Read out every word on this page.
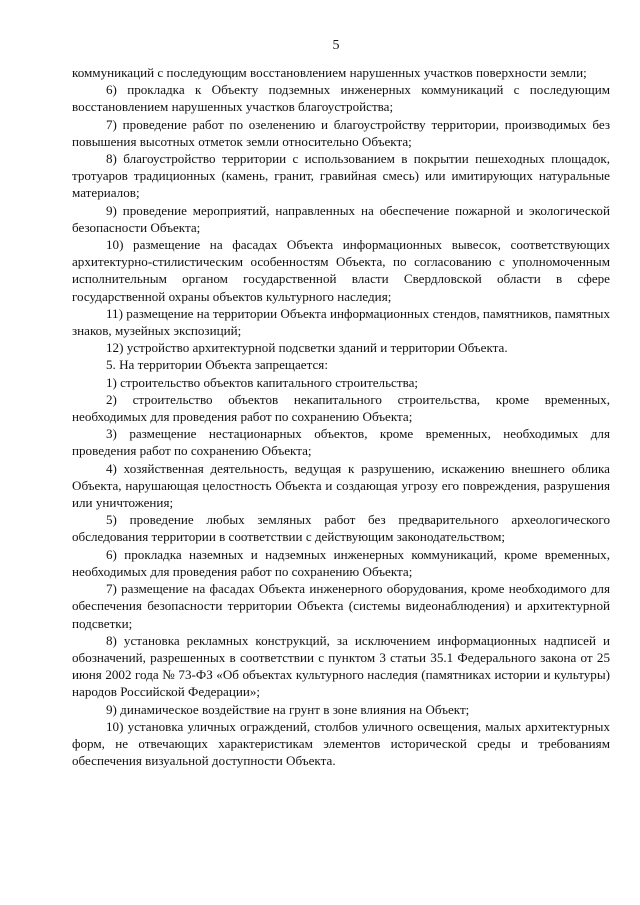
5

коммуникаций с последующим восстановлением нарушенных участков поверхности земли;

6) прокладка к Объекту подземных инженерных коммуникаций с последующим восстановлением нарушенных участков благоустройства;

7) проведение работ по озеленению и благоустройству территории, производимых без повышения высотных отметок земли относительно Объекта;

8) благоустройство территории с использованием в покрытии пешеходных площадок, тротуаров традиционных (камень, гранит, гравийная смесь) или имитирующих натуральные материалов;

9) проведение мероприятий, направленных на обеспечение пожарной и экологической безопасности Объекта;

10) размещение на фасадах Объекта информационных вывесок, соответствующих архитектурно-стилистическим особенностям Объекта, по согласованию с уполномоченным исполнительным органом государственной власти Свердловской области в сфере государственной охраны объектов культурного наследия;

11) размещение на территории Объекта информационных стендов, памятников, памятных знаков, музейных экспозиций;

12) устройство архитектурной подсветки зданий и территории Объекта.

5. На территории Объекта запрещается:

1) строительство объектов капитального строительства;

2) строительство объектов некапитального строительства, кроме временных, необходимых для проведения работ по сохранению Объекта;

3) размещение нестационарных объектов, кроме временных, необходимых для проведения работ по сохранению Объекта;

4) хозяйственная деятельность, ведущая к разрушению, искажению внешнего облика Объекта, нарушающая целостность Объекта и создающая угрозу его повреждения, разрушения или уничтожения;

5) проведение любых земляных работ без предварительного археологического обследования территории в соответствии с действующим законодательством;

6) прокладка наземных и надземных инженерных коммуникаций, кроме временных, необходимых для проведения работ по сохранению Объекта;

7) размещение на фасадах Объекта инженерного оборудования, кроме необходимого для обеспечения безопасности территории Объекта (системы видеонаблюдения) и архитектурной подсветки;

8) установка рекламных конструкций, за исключением информационных надписей и обозначений, разрешенных в соответствии с пунктом 3 статьи 35.1 Федерального закона от 25 июня 2002 года № 73-ФЗ «Об объектах культурного наследия (памятниках истории и культуры) народов Российской Федерации»;

9) динамическое воздействие на грунт в зоне влияния на Объект;

10) установка уличных ограждений, столбов уличного освещения, малых архитектурных форм, не отвечающих характеристикам элементов исторической среды и требованиям обеспечения визуальной доступности Объекта.
